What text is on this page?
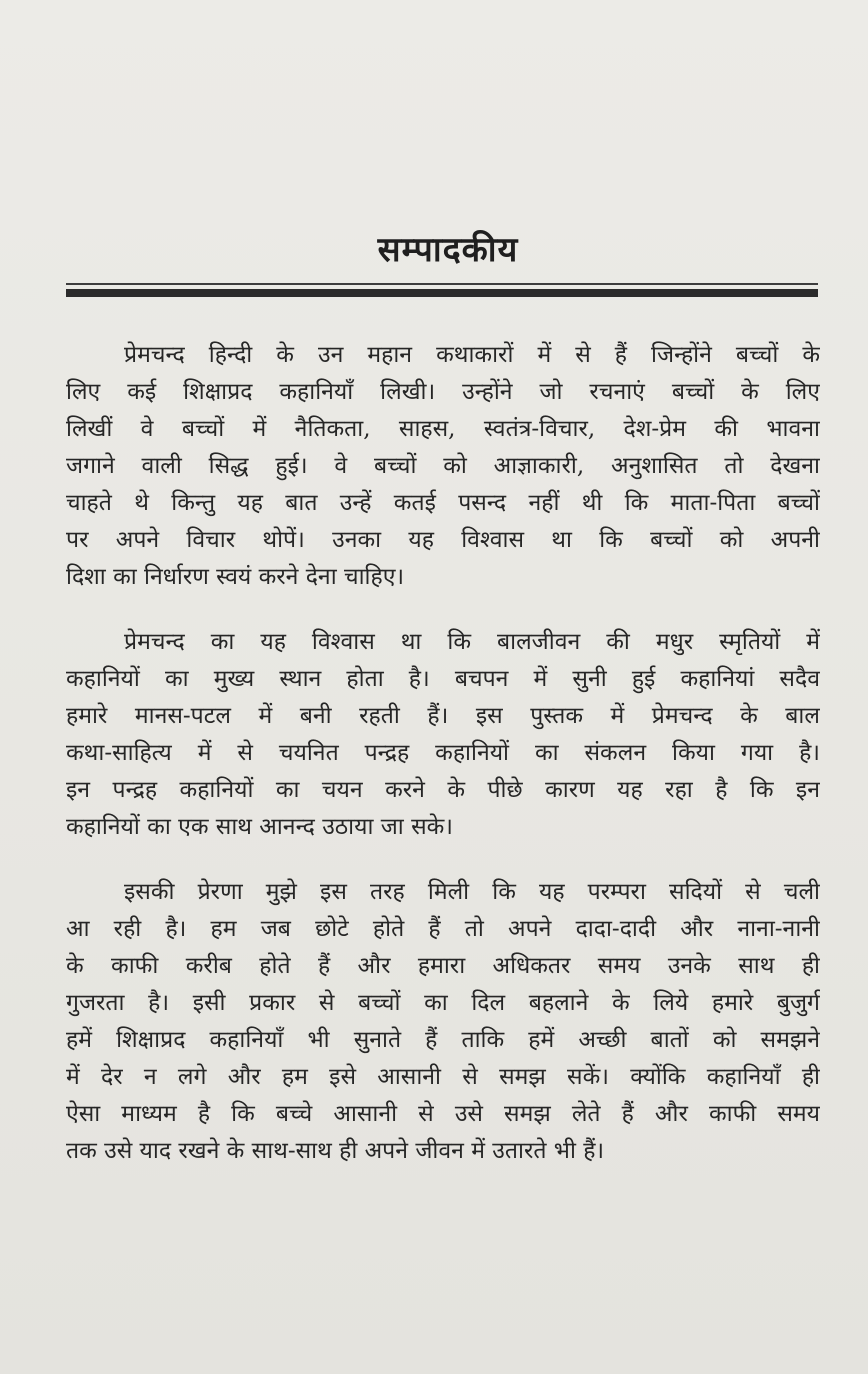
सम्पादकीय
प्रेमचन्द हिन्दी के उन महान कथाकारों में से हैं जिन्होंने बच्चों के
लिए कई शिक्षाप्रद कहानियाँ लिखी। उन्होंने जो रचनाएं बच्चों के लिए
लिखीं वे बच्चों में नैतिकता, साहस, स्वतंत्र-विचार, देश-प्रेम की भावना
जगाने वाली सिद्ध हुई। वे बच्चों को आज्ञाकारी, अनुशासित तो देखना
चाहते थे किन्तु यह बात उन्हें कतई पसन्द नहीं थी कि माता-पिता बच्चों
पर अपने विचार थोपें। उनका यह विश्वास था कि बच्चों को अपनी
दिशा का निर्धारण स्वयं करने देना चाहिए।
प्रेमचन्द का यह विश्वास था कि बालजीवन की मधुर स्मृतियों में
कहानियों का मुख्य स्थान होता है। बचपन में सुनी हुई कहानियां सदैव
हमारे मानस-पटल में बनी रहती हैं। इस पुस्तक में प्रेमचन्द के बाल
कथा-साहित्य में से चयनित पन्द्रह कहानियों का संकलन किया गया है।
इन पन्द्रह कहानियों का चयन करने के पीछे कारण यह रहा है कि इन
कहानियों का एक साथ आनन्द उठाया जा सके।
इसकी प्रेरणा मुझे इस तरह मिली कि यह परम्परा सदियों से चली
आ रही है। हम जब छोटे होते हैं तो अपने दादा-दादी और नाना-नानी
के काफी करीब होते हैं और हमारा अधिकतर समय उनके साथ ही
गुजरता है। इसी प्रकार से बच्चों का दिल बहलाने के लिये हमारे बुजुर्ग
हमें शिक्षाप्रद कहानियाँ भी सुनाते हैं ताकि हमें अच्छी बातों को समझने
में देर न लगे और हम इसे आसानी से समझ सकें। क्योंकि कहानियाँ ही
ऐसा माध्यम है कि बच्चे आसानी से उसे समझ लेते हैं और काफी समय
तक उसे याद रखने के साथ-साथ ही अपने जीवन में उतारते भी हैं।
